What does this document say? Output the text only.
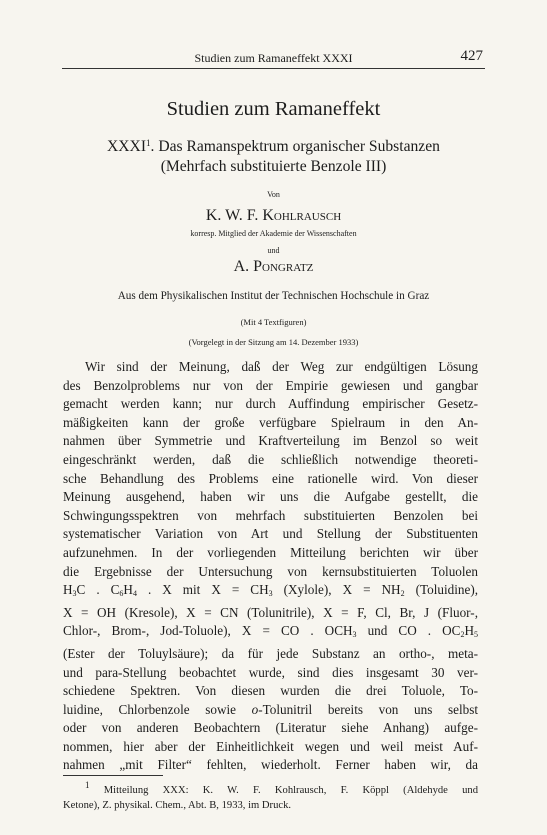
Studien zum Ramaneffekt XXXI	427
Studien zum Ramaneffekt
XXXI$^1$. Das Ramanspektrum organischer Substanzen
(Mehrfach substituierte Benzole III)
Von
K. W. F. Kohlrausch
korresp. Mitglied der Akademie der Wissenschaften
und
A. Pongratz
Aus dem Physikalischen Institut der Technischen Hochschule in Graz
(Mit 4 Textfiguren)
(Vorgelegt in der Sitzung am 14. Dezember 1933)
Wir sind der Meinung, daß der Weg zur endgültigen Lösung
des Benzolproblems nur von der Empirie gewiesen und gangbar
gemacht werden kann; nur durch Auffindung empirischer Gesetz-
mäßigkeiten kann der große verfügbare Spielraum in den An-
nahmen über Symmetrie und Kraftverteilung im Benzol so weit
eingeschränkt werden, daß die schließlich notwendige theoreti-
sche Behandlung des Problems eine rationelle wird. Von dieser
Meinung ausgehend, haben wir uns die Aufgabe gestellt, die
Schwingungsspektren von mehrfach substituierten Benzolen bei
systematischer Variation von Art und Stellung der Substituenten
aufzunehmen. In der vorliegenden Mitteilung berichten wir über
die Ergebnisse der Untersuchung von kernsubstituierten Toluolen
$H_3C$ . $C_6H_4$ . X mit $X = CH_3$ (Xylole), $X = NH_2$ (Toluidine),
X = OH (Kresole), X = CN (Tolunitrile), X = F, Cl, Br, J (Fluor-,
Chlor-, Brom-, Jod-Toluole), X = CO . $OCH_3$ und CO . $OC_2H_5$
(Ester der Toluylsäure); da für jede Substanz an ortho-, meta-
und para-Stellung beobachtet wurde, sind dies insgesamt 30 ver-
schiedene Spektren. Von diesen wurden die drei Toluole, To-
luidine, Chlorbenzole sowie o-Tolunitril bereits von uns selbst
oder von anderen Beobachtern (Literatur siehe Anhang) aufge-
nommen, hier aber der Einheitlichkeit wegen und weil meist Auf-
nahmen „mit Filter“ fehlten, wiederholt. Ferner haben wir, da
$^1$ Mitteilung XXX: K. W. F. Kohlrausch, F. Köppl (Aldehyde und
Ketone), Z. physikal. Chem., Abt. B, 1933, im Druck.
